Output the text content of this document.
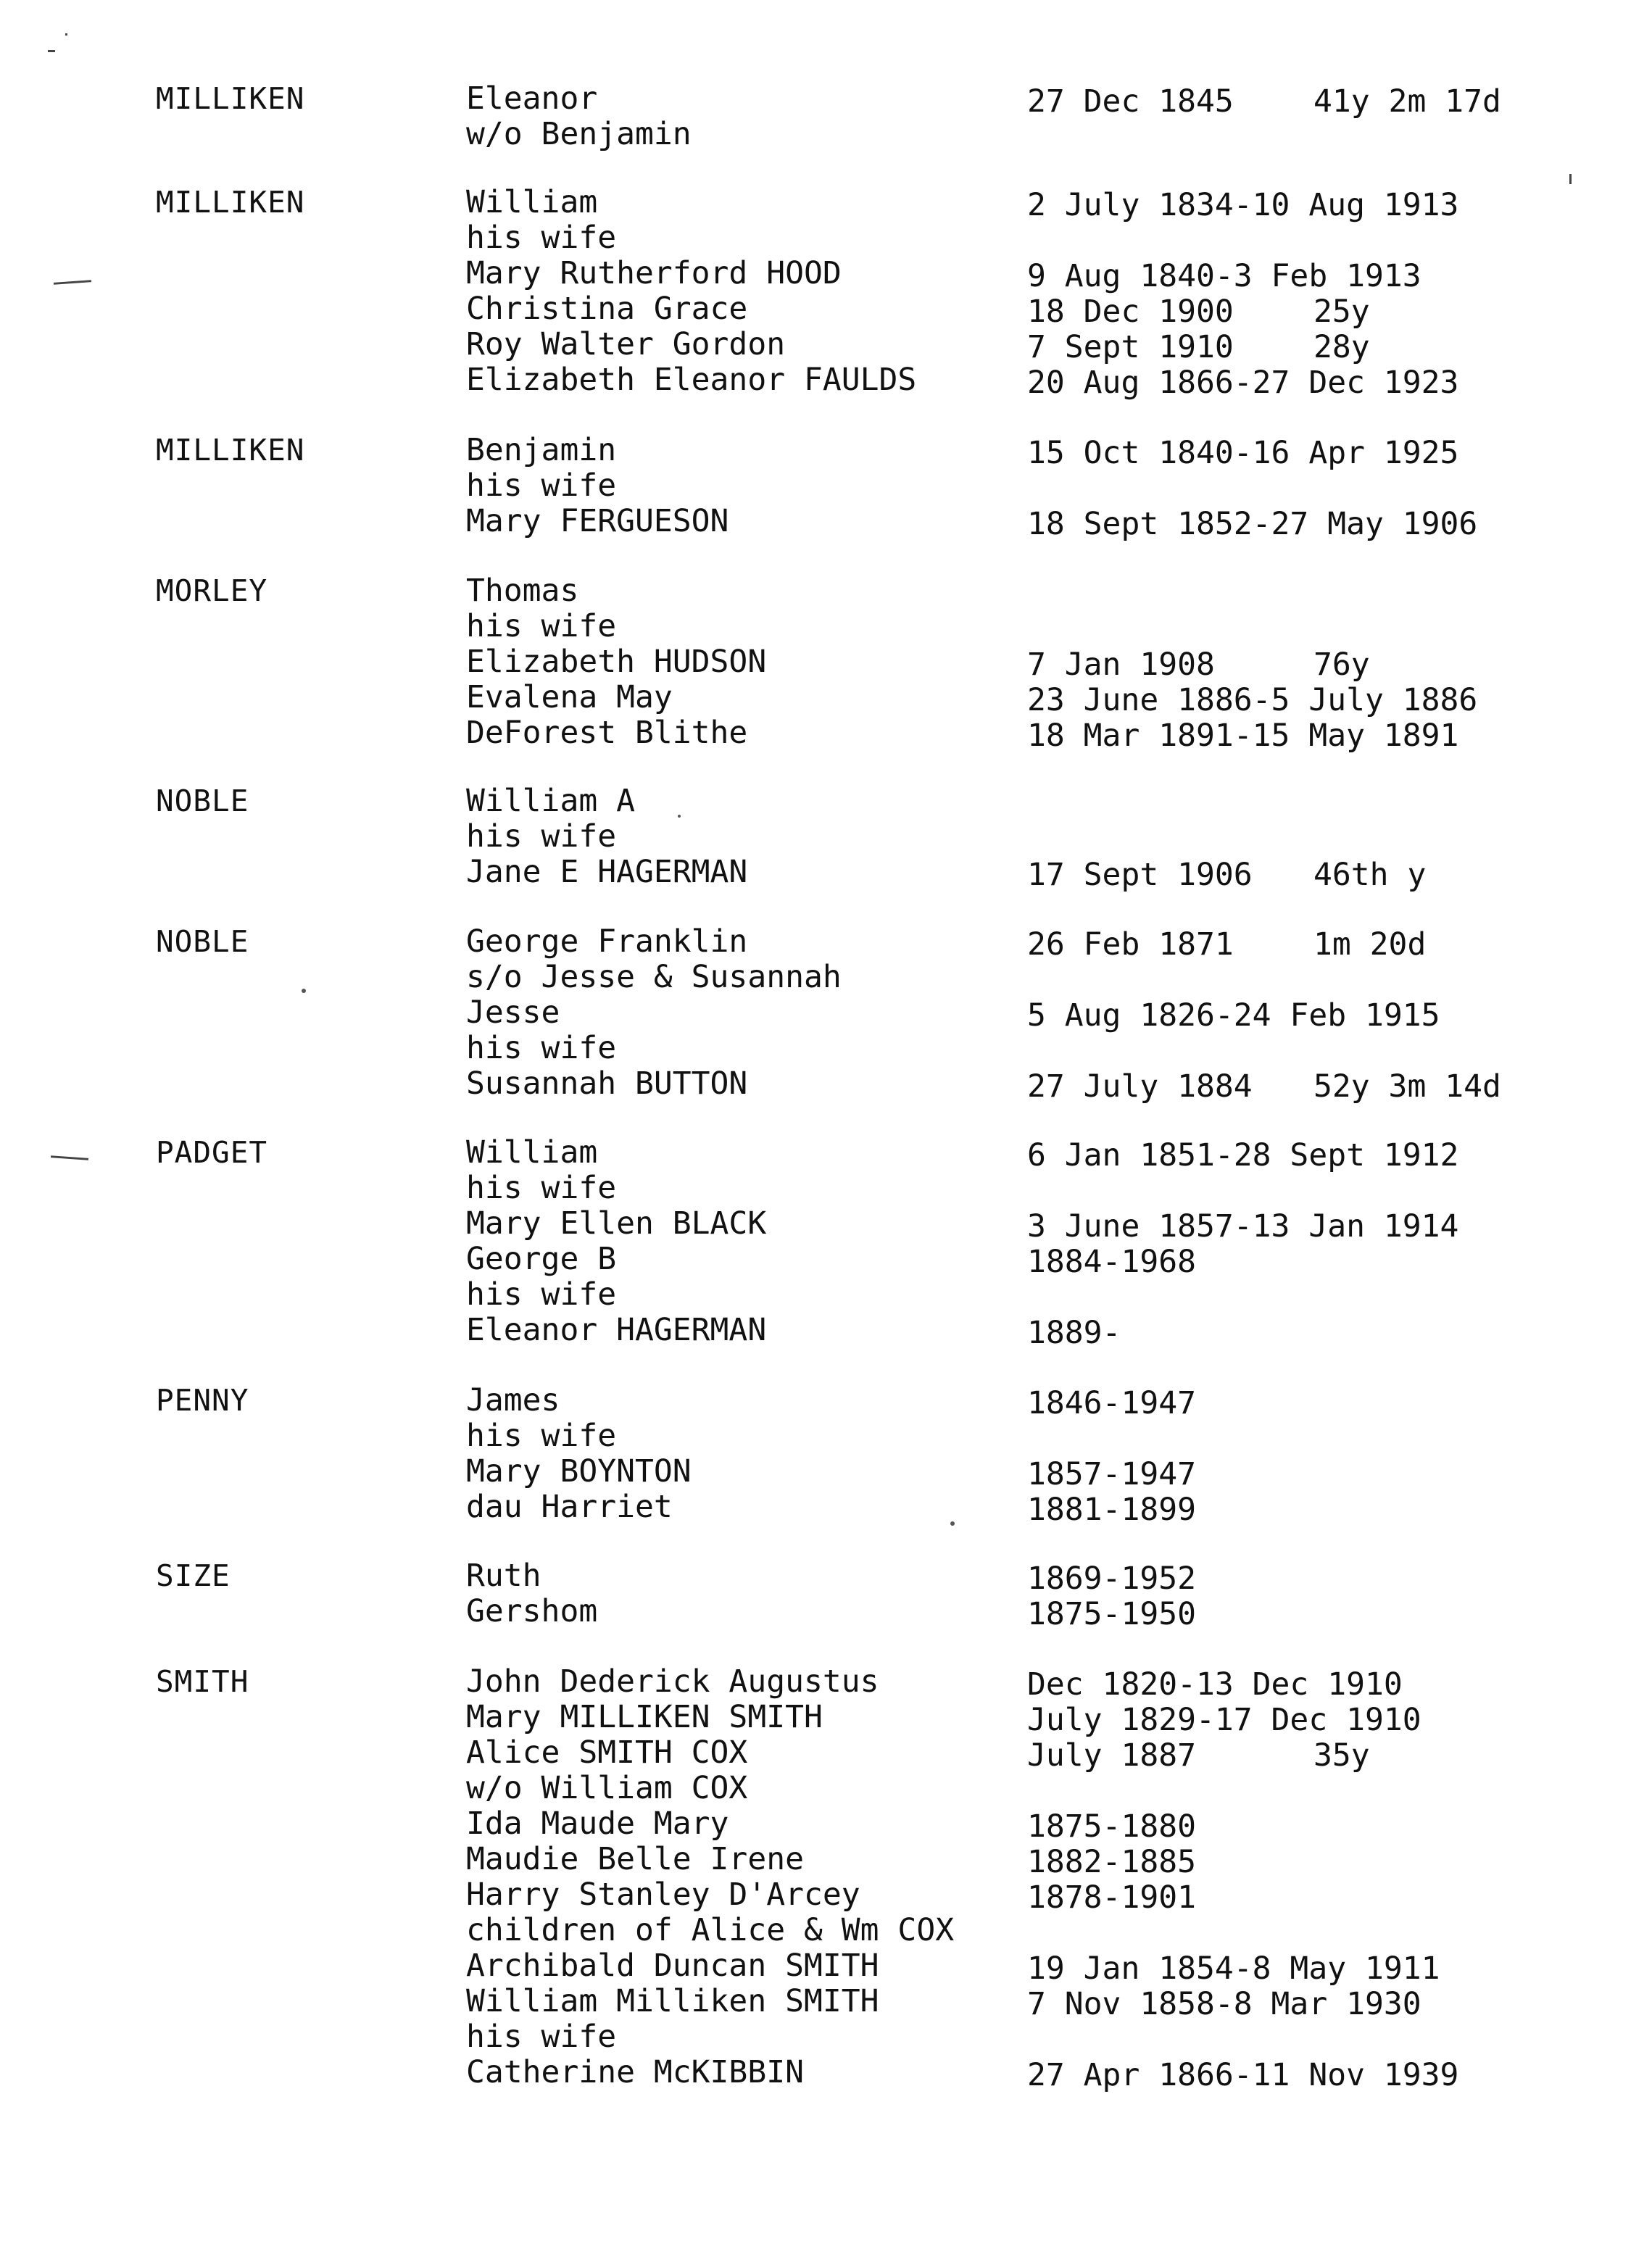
MILLIKEN	Eleanor	27 Dec 1845	41y 2m 17d
w/o Benjamin
MILLIKEN	William	2 July 1834-10 Aug 1913
his wife
Mary Rutherford HOOD	9 Aug 1840-3 Feb 1913
Christina Grace	18 Dec 1900	25y
Roy Walter Gordon	7 Sept 1910	28y
Elizabeth Eleanor FAULDS	20 Aug 1866-27 Dec 1923
MILLIKEN	Benjamin	15 Oct 1840-16 Apr 1925
his wife
Mary FERGUESON	18 Sept 1852-27 May 1906
MORLEY	Thomas
his wife
Elizabeth HUDSON	7 Jan 1908	76y
Evalena May	23 June 1886-5 July 1886
DeForest Blithe	18 Mar 1891-15 May 1891
NOBLE	William A
his wife
Jane E HAGERMAN	17 Sept 1906 46th y
NOBLE	George Franklin	26 Feb 1871	1m 20d
s/o Jesse & Susannah
Jesse	5 Aug 1826-24 Feb 1915
his wife
Susannah BUTTON	27 July 1884 52y 3m 14d
PADGET	William	6 Jan 1851-28 Sept 1912
his wife
Mary Ellen BLACK	3 June 1857-13 Jan 1914
George B	1884-1968
his wife
Eleanor HAGERMAN	1889-
PENNY	James	1846-1947
his wife
Mary BOYNTON	1857-1947
dau Harriet	1881-1899
SIZE	Ruth	1869-1952
Gershom	1875-1950
SMITH	John Dederick Augustus	Dec 1820-13 Dec 1910
Mary MILLIKEN SMITH	July 1829-17 Dec 1910
Alice SMITH COX	July 1887	35y
w/o William COX
Ida Maude Mary	1875-1880
Maudie Belle Irene	1882-1885
Harry Stanley D'Arcey	1878-1901
children of Alice & Wm COX
Archibald Duncan SMITH	19 Jan 1854-8 May 1911
William Milliken SMITH	7 Nov 1858-8 Mar 1930
his wife
Catherine McKIBBIN	27 Apr 1866-11 Nov 1939
